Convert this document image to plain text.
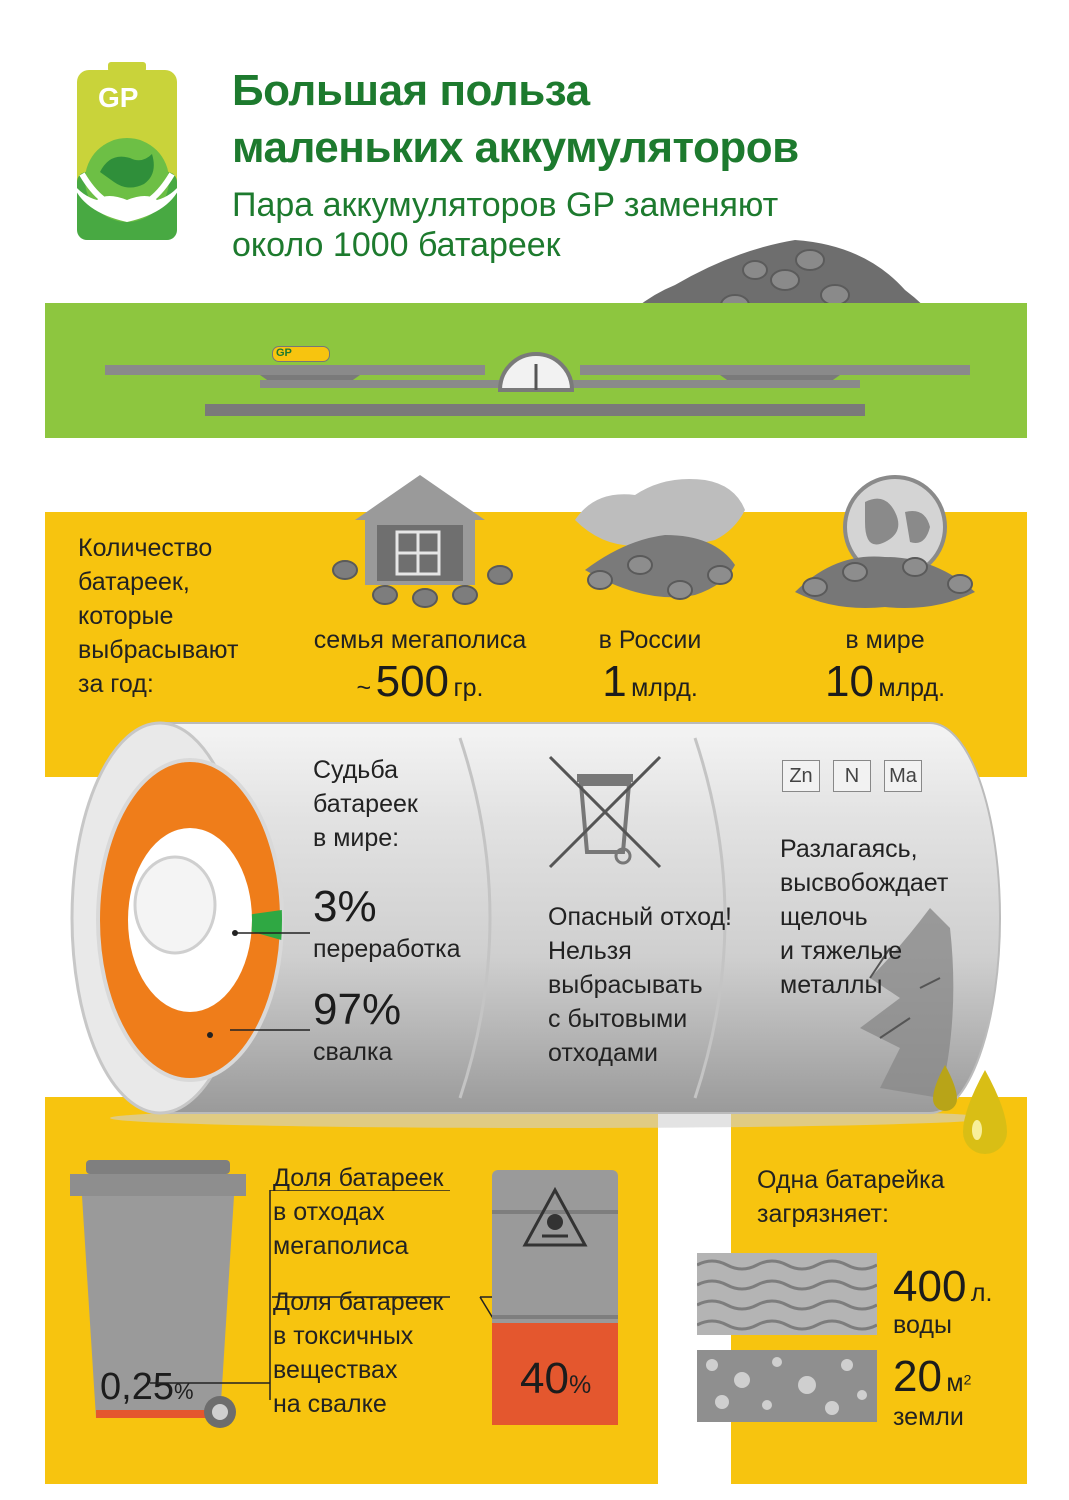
GP Большая польза
маленьких аккумуляторов
Пара аккумуляторов GP заменяют
около 1000 батареек
GP
Количество
батареек,
которые
выбрасывают
за год:
семья мегаполиса
~ 500 гр.
в России
1 млрд.
в мире
10 млрд.
Судьба
батареек
в мире:
3%
переработка
97%
свалка
Опасный отход!
Нельзя
выбрасывать
с бытовыми
отходами
Zn	N	Ma
Разлагаясь,
высвобождает
щелочь
и тяжелые
металлы
0,25%
Доля батареек
в отходах
мегаполиса
Доля батареек
в токсичных
веществах
на свалке
40%
Одна батарейка
загрязняет:
400 л.
воды
20 $м^2$
земли
